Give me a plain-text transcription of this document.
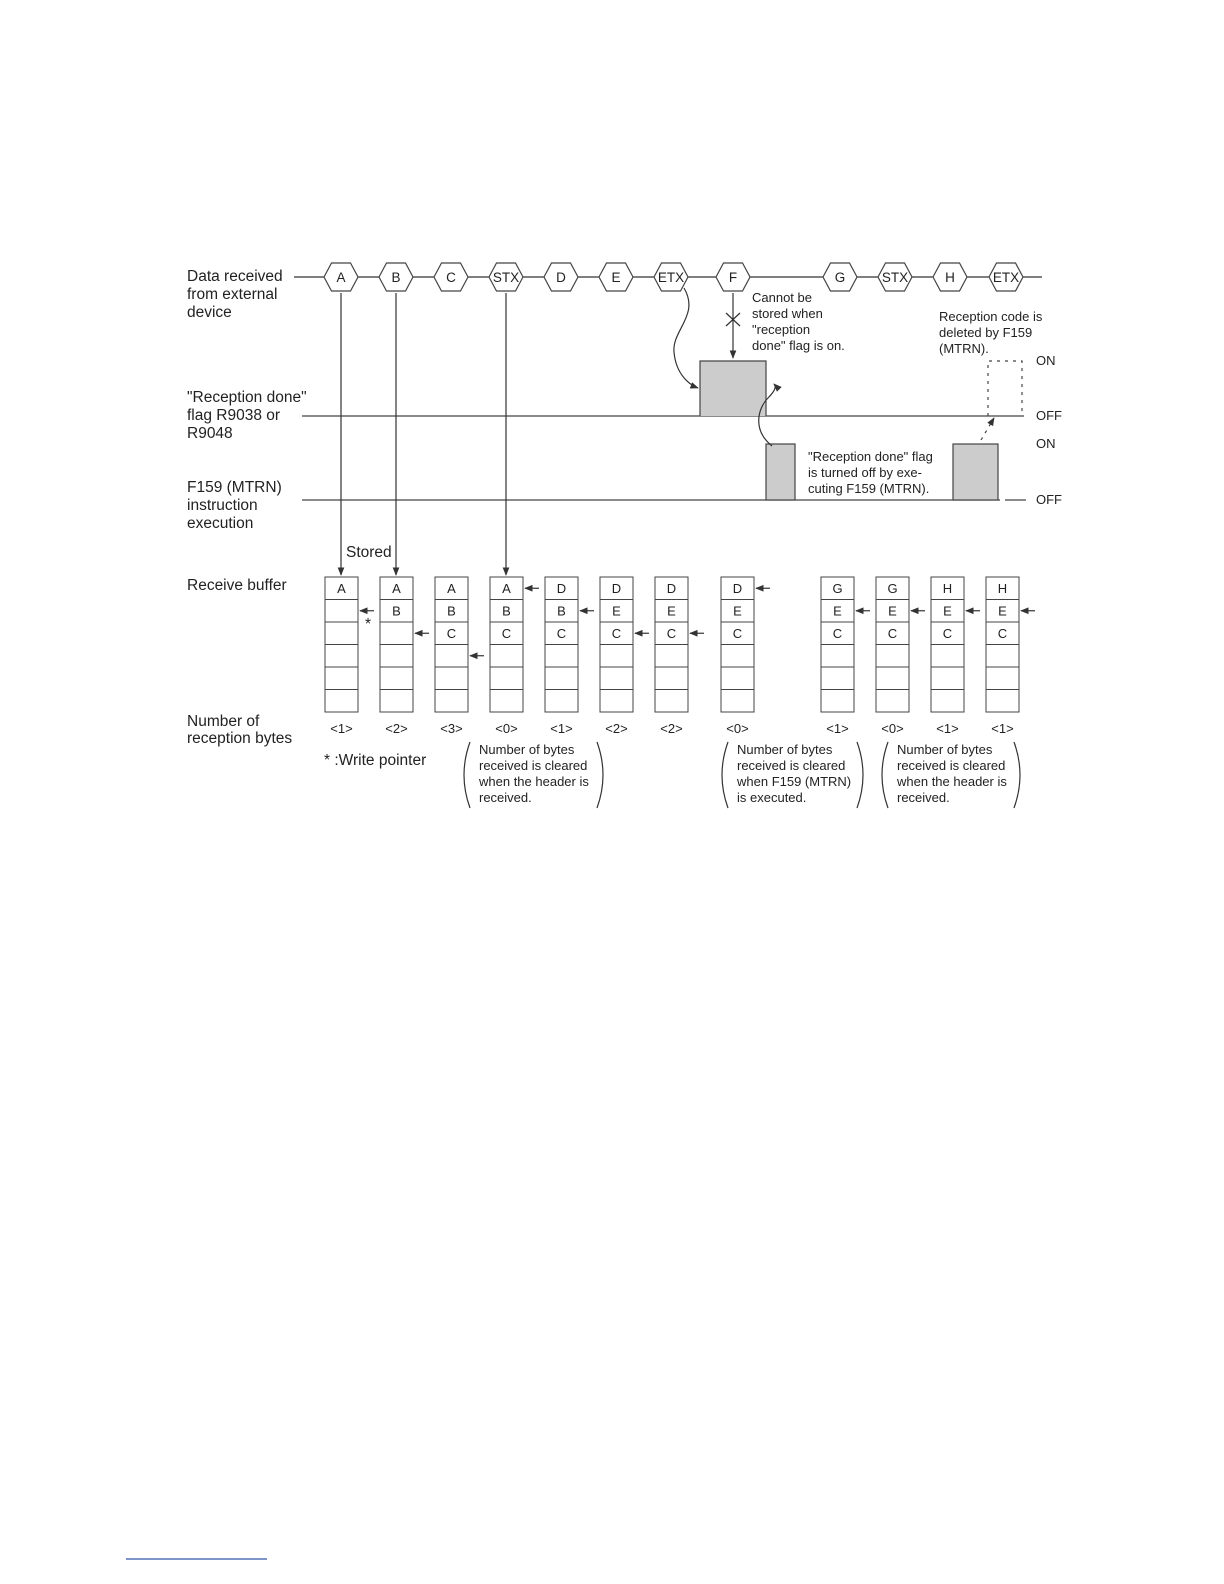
Data received from external device
"Reception done" flag R9038 or R9048
F159 (MTRN) instruction execution
Receive buffer
Number of reception bytes
Stored
* :Write pointer
*
A	B	C	STX	D	E	ETX	F	G	STX	H	ETX
ON
OFF
ON
OFF
Cannot be stored when "reception done" flag is on.
Reception code is deleted by F159 (MTRN).
"Reception done" flag is turned off by exe- cuting F159 (MTRN).
A
<1>
A
B
<2>
A
B
C
<3>
A
B
C
<0>
D
B
C
<1>
D
E
C
<2>
D
E
C
<2>
D
E
C
<0>
G
E
C
<1>
G
E
C
<0>
H
E
C
<1>
H
E
C
<1>
Number of bytes received is cleared when the header is received.
Number of bytes received is cleared when F159 (MTRN) is executed.
Number of bytes received is cleared when the header is received.
